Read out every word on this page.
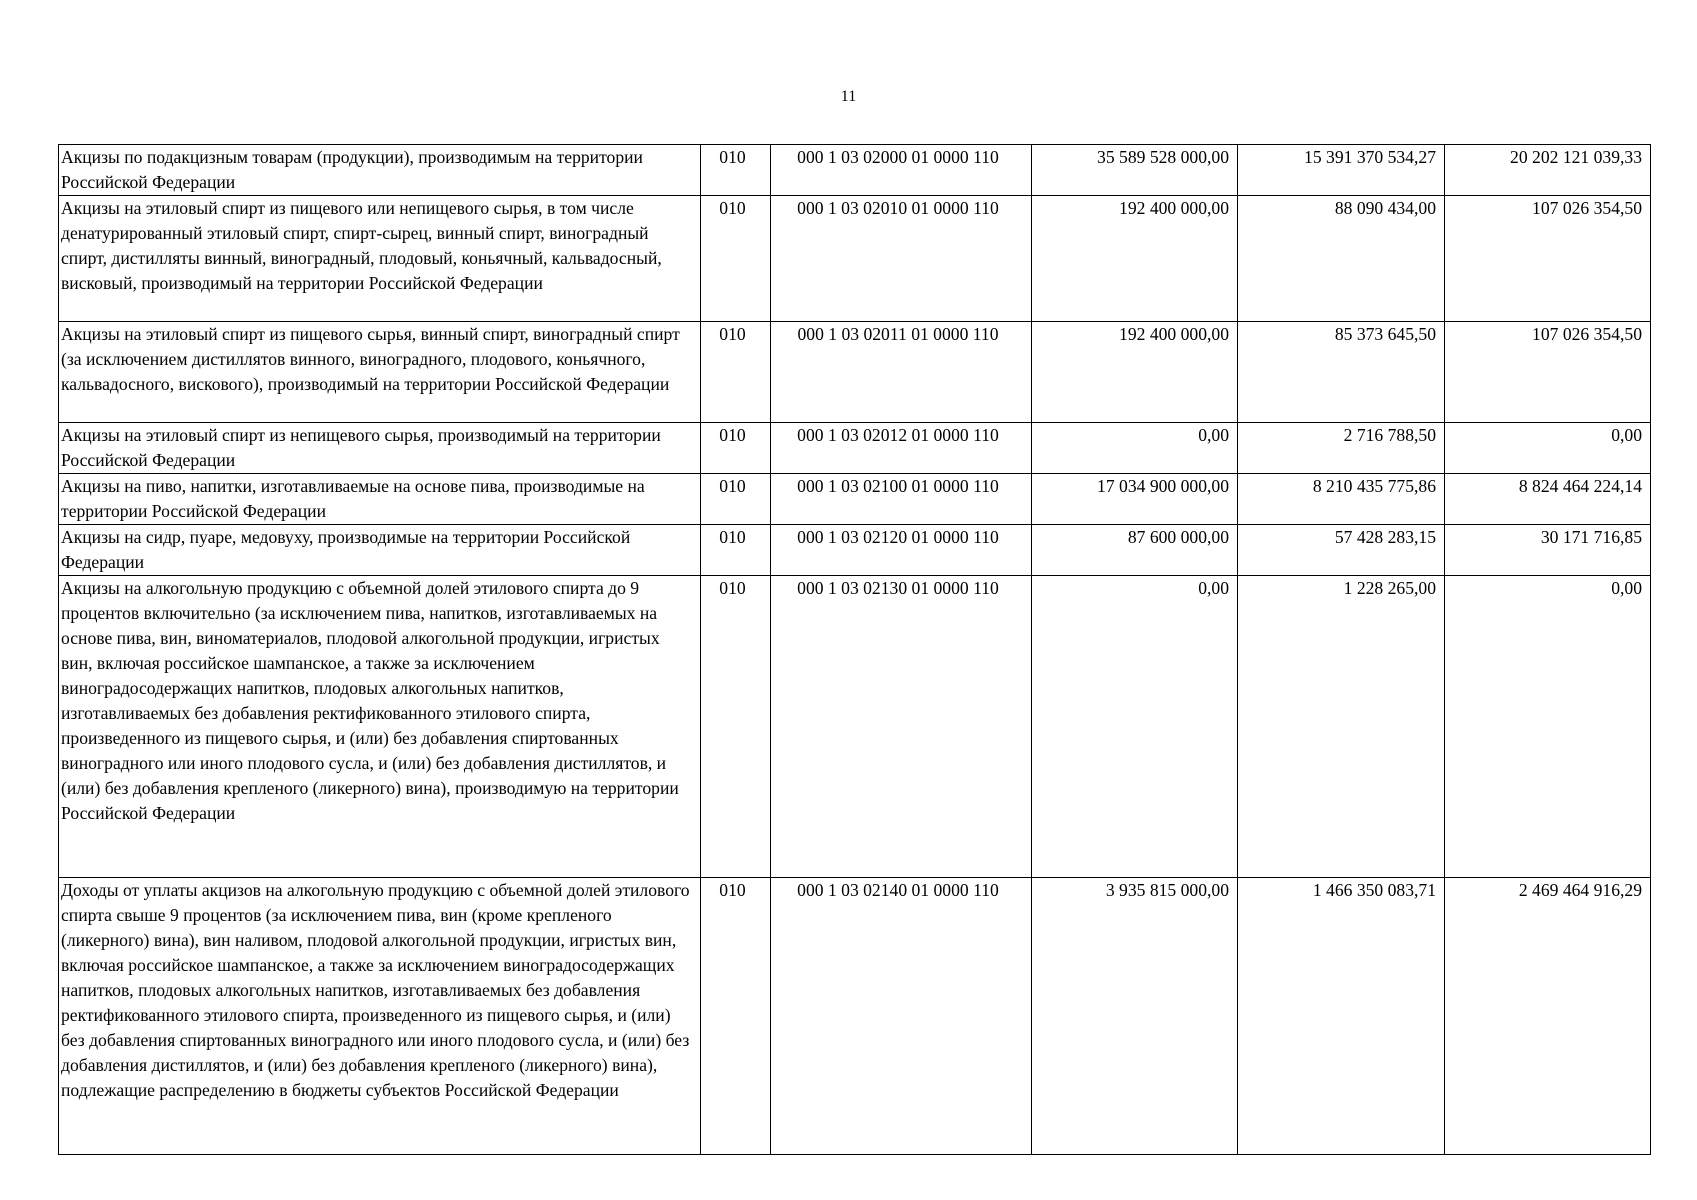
11
Акцизы по подакцизным товарам (продукции), производимым на территории Российской Федерации	010	000 1 03 02000 01 0000 110	35 589 528 000,00	15 391 370 534,27	20 202 121 039,33
Акцизы на этиловый спирт из пищевого или непищевого сырья, в том числе денатурированный этиловый спирт, спирт-сырец, винный спирт, виноградный спирт, дистилляты винный, виноградный, плодовый, коньячный, кальвадосный, висковый, производимый на территории Российской Федерации	010	000 1 03 02010 01 0000 110	192 400 000,00	88 090 434,00	107 026 354,50
Акцизы на этиловый спирт из пищевого сырья, винный спирт, виноградный спирт (за исключением дистиллятов винного, виноградного, плодового, коньячного, кальвадосного, вискового), производимый на территории Российской Федерации	010	000 1 03 02011 01 0000 110	192 400 000,00	85 373 645,50	107 026 354,50
Акцизы на этиловый спирт из непищевого сырья, производимый на территории Российской Федерации	010	000 1 03 02012 01 0000 110	0,00	2 716 788,50	0,00
Акцизы на пиво, напитки, изготавливаемые на основе пива, производимые на территории Российской Федерации	010	000 1 03 02100 01 0000 110	17 034 900 000,00	8 210 435 775,86	8 824 464 224,14
Акцизы на сидр, пуаре, медовуху, производимые на территории Российской Федерации	010	000 1 03 02120 01 0000 110	87 600 000,00	57 428 283,15	30 171 716,85
Акцизы на алкогольную продукцию с объемной долей этилового спирта до 9 процентов включительно (за исключением пива, напитков, изготавливаемых на основе пива, вин, виноматериалов, плодовой алкогольной продукции, игристых вин, включая российское шампанское, а также за исключением виноградосодержащих напитков, плодовых алкогольных напитков, изготавливаемых без добавления ректификованного этилового спирта, произведенного из пищевого сырья, и (или) без добавления спиртованных виноградного или иного плодового сусла, и (или) без добавления дистиллятов, и (или) без добавления крепленого (ликерного) вина), производимую на территории Российской Федерации	010	000 1 03 02130 01 0000 110	0,00	1 228 265,00	0,00
Доходы от уплаты акцизов на алкогольную продукцию с объемной долей этилового спирта свыше 9 процентов (за исключением пива, вин (кроме крепленого (ликерного) вина), вин наливом, плодовой алкогольной продукции, игристых вин, включая российское шампанское, а также за исключением виноградосодержащих напитков, плодовых алкогольных напитков, изготавливаемых без добавления ректификованного этилового спирта, произведенного из пищевого сырья, и (или) без добавления спиртованных виноградного или иного плодового сусла, и (или) без добавления дистиллятов, и (или) без добавления крепленого (ликерного) вина), подлежащие распределению в бюджеты субъектов Российской Федерации	010	000 1 03 02140 01 0000 110	3 935 815 000,00	1 466 350 083,71	2 469 464 916,29
